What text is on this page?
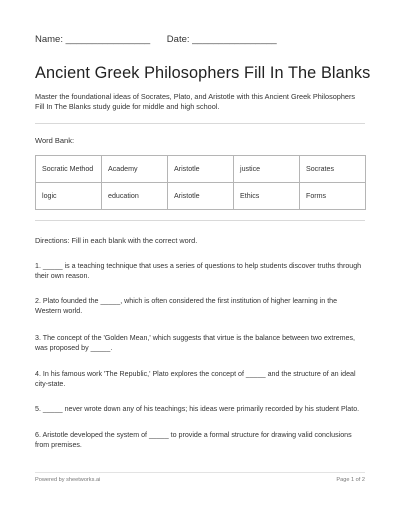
Name: ________________ Date: ________________
Ancient Greek Philosophers Fill In The Blanks
Master the foundational ideas of Socrates, Plato, and Aristotle with this Ancient Greek Philosophers Fill In The Blanks study guide for middle and high school.
Word Bank:
Socratic Method	Academy	Aristotle	justice	Socrates
logic	education	Aristotle	Ethics	Forms
Directions: Fill in each blank with the correct word.
1. _____ is a teaching technique that uses a series of questions to help students discover truths through their own reason.
2. Plato founded the _____, which is often considered the first institution of higher learning in the Western world.
3. The concept of the 'Golden Mean,' which suggests that virtue is the balance between two extremes, was proposed by _____.
4. In his famous work 'The Republic,' Plato explores the concept of _____ and the structure of an ideal city-state.
5. _____ never wrote down any of his teachings; his ideas were primarily recorded by his student Plato.
6. Aristotle developed the system of _____ to provide a formal structure for drawing valid conclusions from premises.
Powered by sheetworks.ai	Page 1 of 2
